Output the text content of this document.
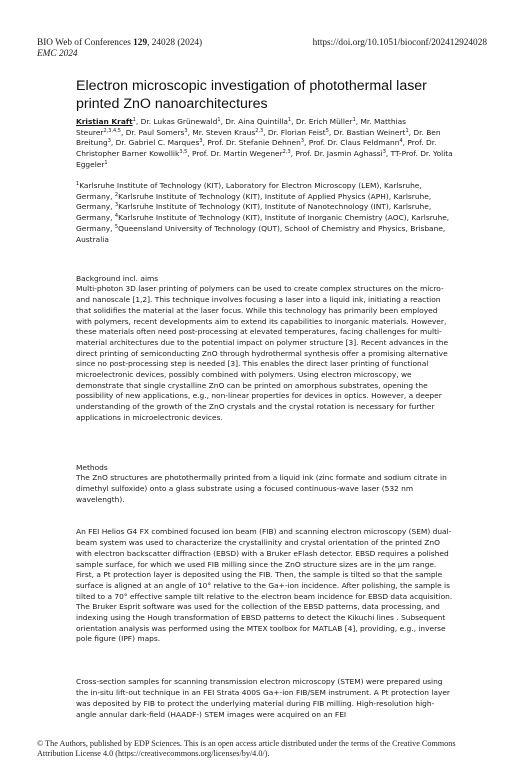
BIO Web of Conferences 129, 24028 (2024)
EMC 2024
https://doi.org/10.1051/bioconf/202412924028
Electron microscopic investigation of photothermal laser printed ZnO nanoarchitectures
Kristian Kraft$^1$, Dr. Lukas Grünewald$^1$, Dr. Aina Quintilla$^1$, Dr. Erich Müller$^1$, Mr. Matthias Steurer$^{2,3,4,5}$, Dr. Paul Somers$^3$, Mr. Steven Kraus$^{2,3}$, Dr. Florian Feist$^5$, Dr. Bastian Weinert$^1$, Dr. Ben Breitung$^3$, Dr. Gabriel C. Marques$^3$, Prof. Dr. Stefanie Dehnen$^3$, Prof. Dr. Claus Feldmann$^4$, Prof. Dr. Christopher Barner Kowollik$^{3,5}$, Prof. Dr. Martin Wegener$^{2,3}$, Prof. Dr. Jasmin Aghassi$^3$, TT-Prof. Dr. Yolita Eggeler$^1$
$^1$Karlsruhe Institute of Technology (KIT), Laboratory for Electron Microscopy (LEM), Karlsruhe, Germany, $^2$Karlsruhe Institute of Technology (KIT), Institute of Applied Physics (APH), Karlsruhe, Germany, $^3$Karlsruhe Institute of Technology (KIT), Institute of Nanotechnology (INT), Karlsruhe, Germany, $^4$Karlsruhe Institute of Technology (KIT), Institute of Inorganic Chemistry (AOC), Karlsruhe, Germany, $^5$Queensland University of Technology (QUT), School of Chemistry and Physics, Brisbane, Australia

Background incl. aims

Multi-photon 3D laser printing of polymers can be used to create complex structures on the micro- and nanoscale [1,2]. This technique involves focusing a laser into a liquid ink, initiating a reaction that solidifies the material at the laser focus. While this technology has primarily been employed with polymers, recent developments aim to extend its capabilities to inorganic materials. However, these materials often need post-processing at elevated temperatures, facing challenges for multi-material architectures due to the potential impact on polymer structure [3]. Recent advances in the direct printing of semiconducting ZnO through hydrothermal synthesis offer a promising alternative since no post-processing step is needed [3]. This enables the direct laser printing of functional microelectronic devices, possibly combined with polymers. Using electron microscopy, we demonstrate that single crystalline ZnO can be printed on amorphous substrates, opening the possibility of new applications, e.g., non-linear properties for devices in optics. However, a deeper understanding of the growth of the ZnO crystals and the crystal rotation is necessary for further applications in microelectronic devices.

Methods

The ZnO structures are photothermally printed from a liquid ink (zinc formate and sodium citrate in dimethyl sulfoxide) onto a glass substrate using a focused continuous-wave laser (532 nm wavelength).

An FEI Helios G4 FX combined focused ion beam (FIB) and scanning electron microscopy (SEM) dual-beam system was used to characterize the crystallinity and crystal orientation of the printed ZnO with electron backscatter diffraction (EBSD) with a Bruker eFlash detector. EBSD requires a polished sample surface, for which we used FIB milling since the ZnO structure sizes are in the µm range. First, a Pt protection layer is deposited using the FIB. Then, the sample is tilted so that the sample surface is aligned at an angle of 10° relative to the Ga+-ion incidence. After polishing, the sample is tilted to a 70° effective sample tilt relative to the electron beam incidence for EBSD data acquisition. The Bruker Esprit software was used for the collection of the EBSD patterns, data processing, and indexing using the Hough transformation of EBSD patterns to detect the Kikuchi lines . Subsequent orientation analysis was performed using the MTEX toolbox for MATLAB [4], providing, e.g., inverse pole figure (IPF) maps.

Cross-section samples for scanning transmission electron microscopy (STEM) were prepared using the in-situ lift-out technique in an FEI Strata 400S Ga+-ion FIB/SEM instrument. A Pt protection layer was deposited by FIB to protect the underlying material during FIB milling. High-resolution high-angle annular dark-field (HAADF-) STEM images were acquired on an FEI

© The Authors, published by EDP Sciences. This is an open access article distributed under the terms of the Creative Commons Attribution License 4.0 (https://creativecommons.org/licenses/by/4.0/).
